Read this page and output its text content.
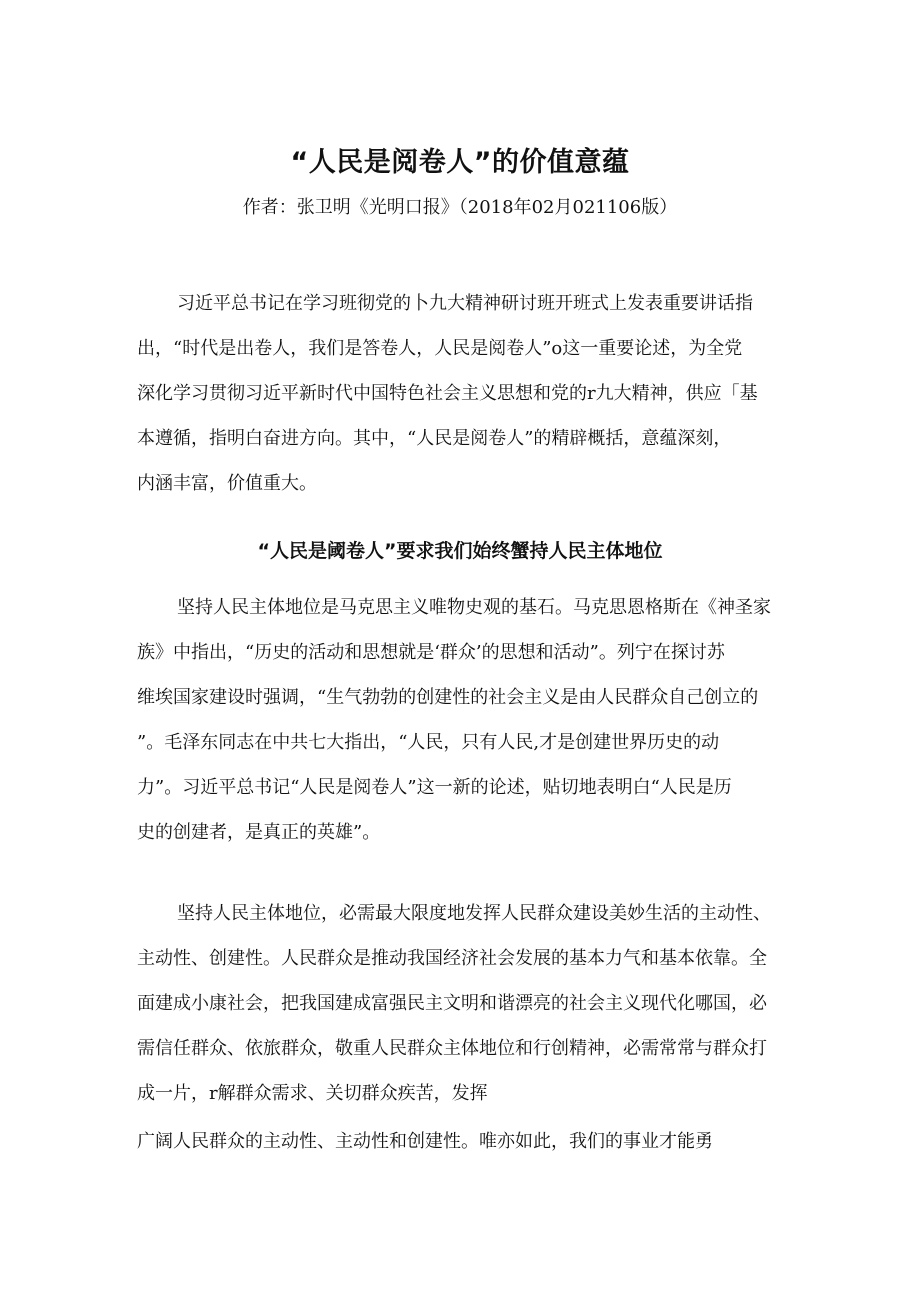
“人民是阅卷人”的价值意蕴
作者：张卫明《光明口报》（2018年02月021106版）

习近平总书记在学习班彻党的卜九大精神研讨班开班式上发表重要讲话指
出，“时代是出卷人，我们是答卷人，人民是阅卷人”o这一重要论述，为全党
深化学习贯彻习近平新时代中国特色社会主义思想和党的r九大精神，供应「基
本遵循，指明白奋进方向。其中，“人民是阅卷人”的精辟概括，意蕴深刻，
内涵丰富，价值重大。

“人民是阈卷人”要求我们始终蟹持人民主体地位

坚持人民主体地位是马克思主义唯物史观的基石。马克思恩格斯在《神圣家
族》中指出，“历史的活动和思想就是‘群众’的思想和活动”。列宁在探讨苏
维埃国家建设时强调，“生气勃勃的创建性的社会主义是由人民群众自己创立的
”。毛泽东同志在中共七大指出，“人民，只有人民,才是创建世界历史的动
力”。习近平总书记“人民是阅卷人”这一新的论述，贴切地表明白“人民是历
史的创建者，是真正的英雄”。

坚持人民主体地位，必需最大限度地发挥人民群众建设美妙生活的主动性、
主动性、创建性。人民群众是推动我国经济社会发展的基本力气和基本依靠。全
面建成小康社会，把我国建成富强民主文明和谐漂亮的社会主义现代化哪国，必
需信任群众、依旅群众，敬重人民群众主体地位和行创精神，必需常常与群众打
成一片，r解群众需求、关切群众疾苦，发挥

广阔人民群众的主动性、主动性和创建性。唯亦如此，我们的事业才能勇
